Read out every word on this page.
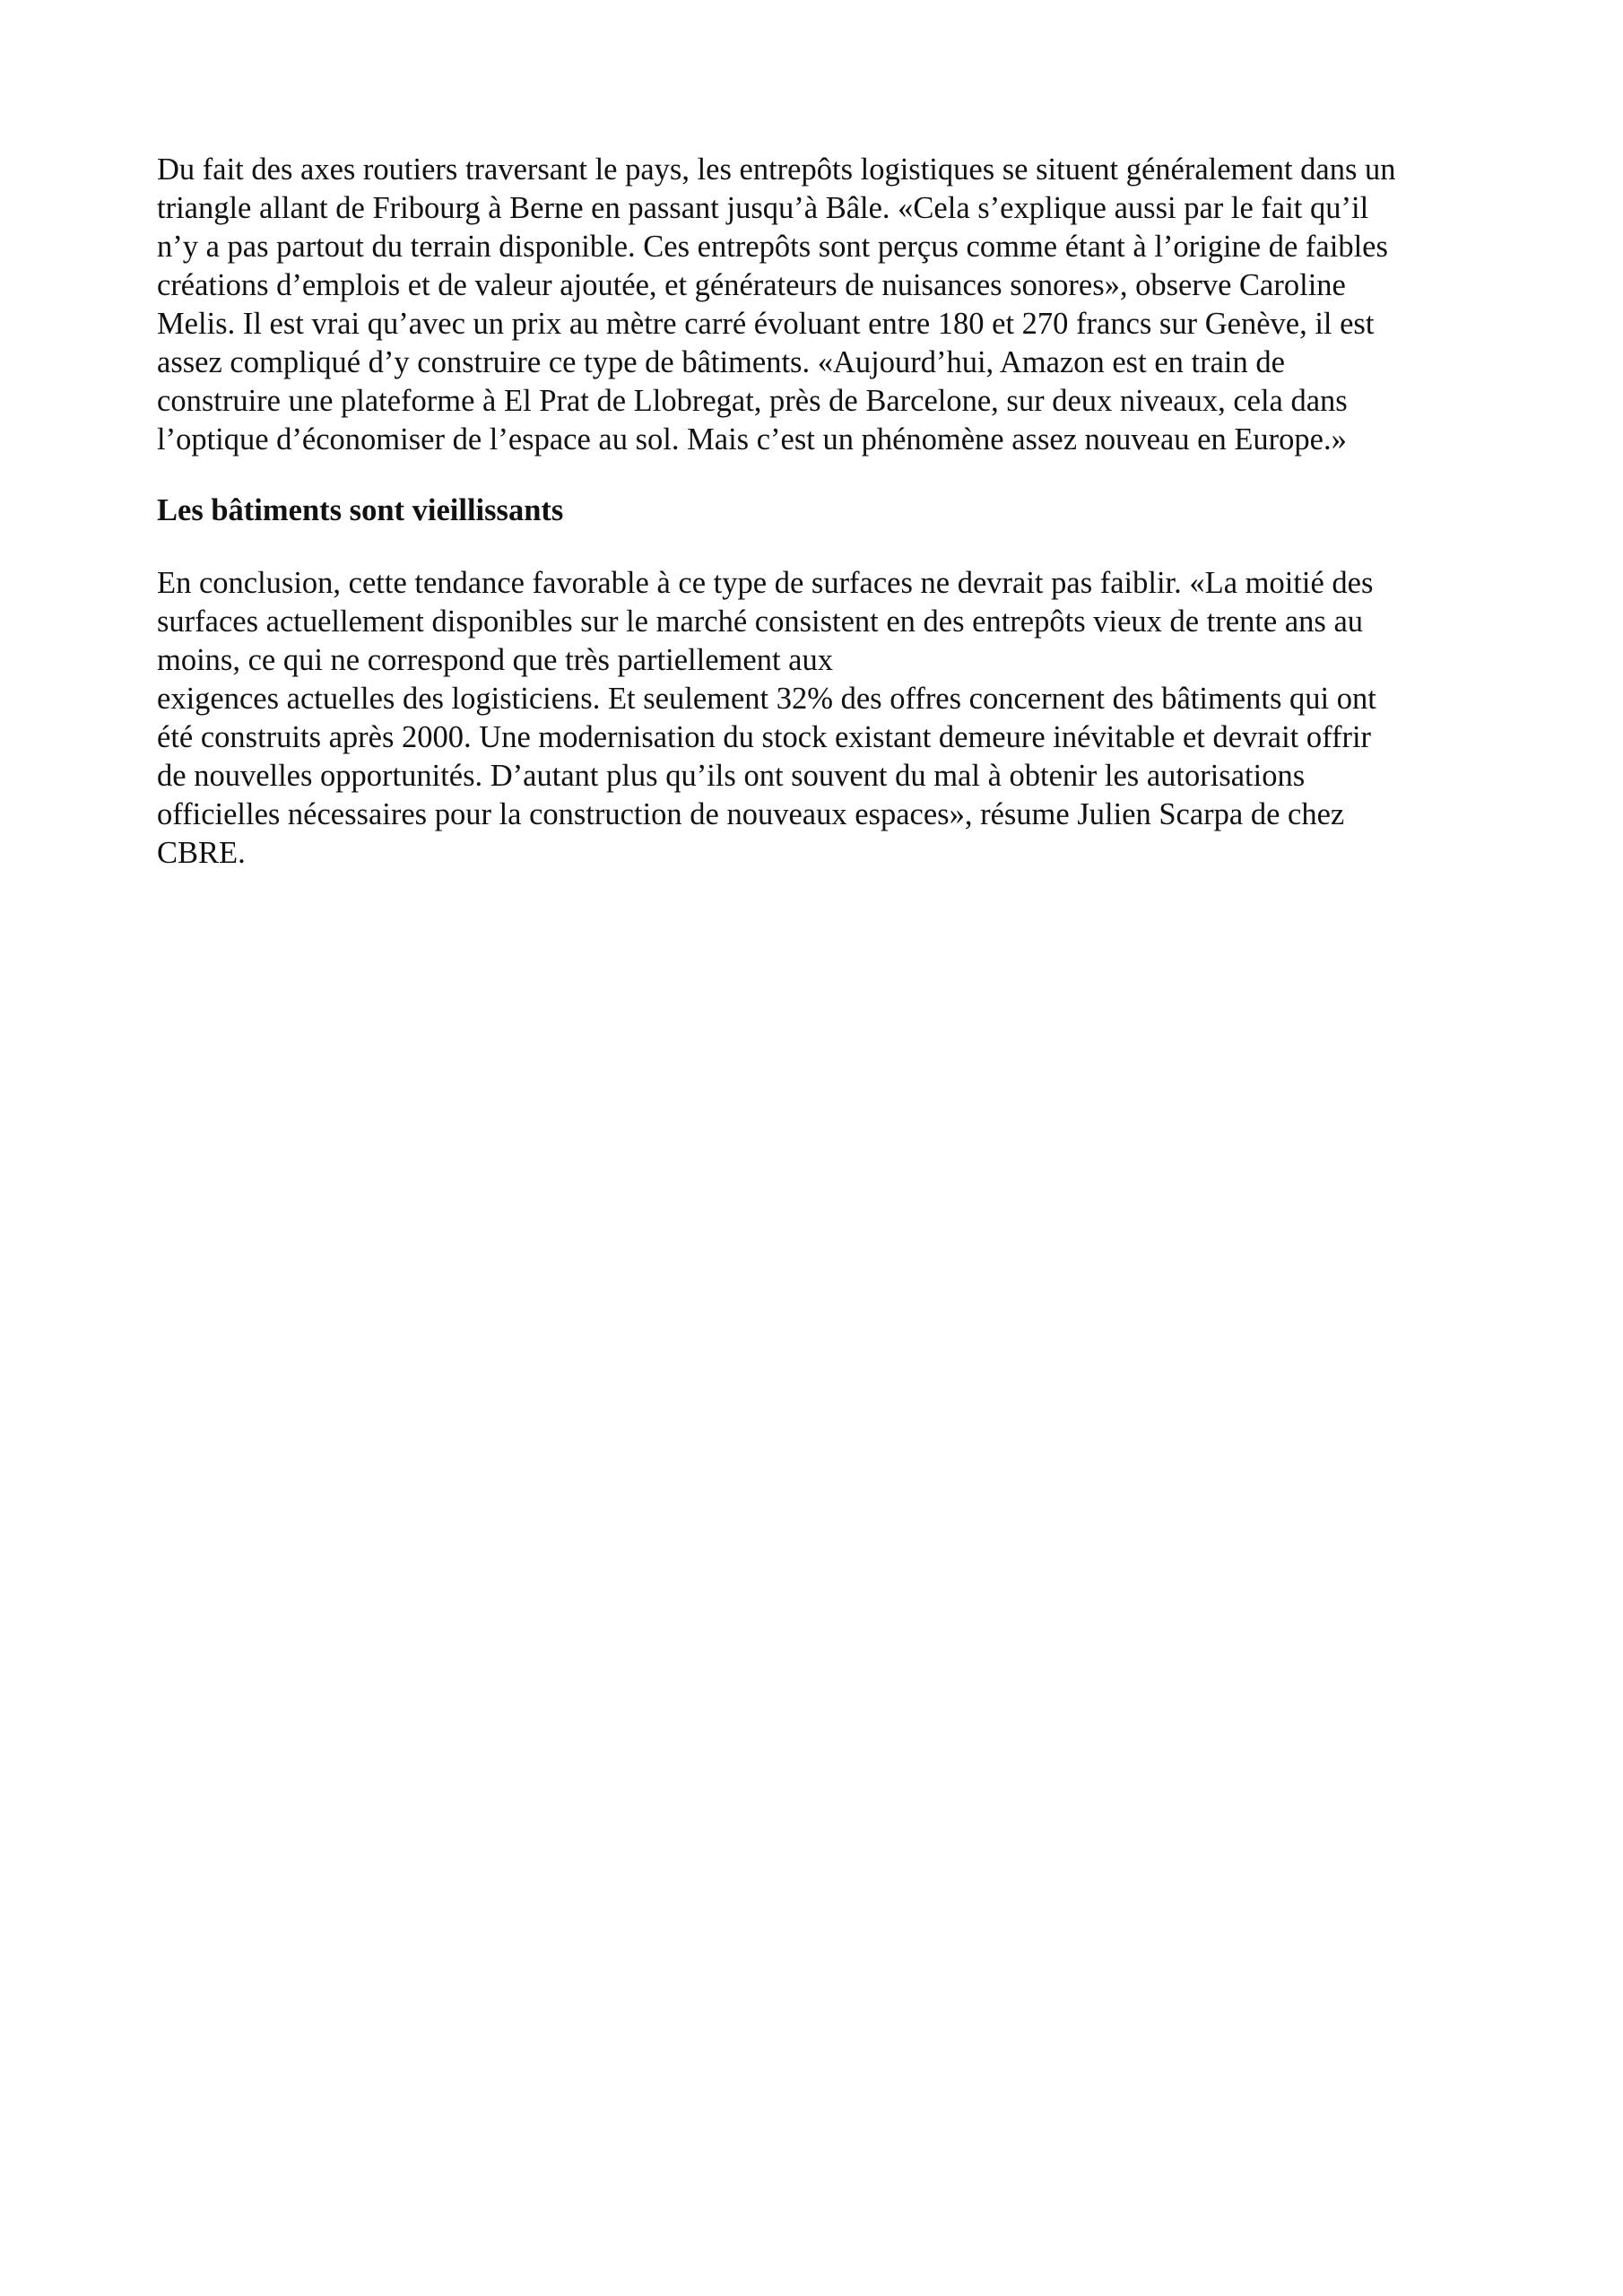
Du fait des axes routiers traversant le pays, les entrepôts logistiques se situent généralement dans un
triangle allant de Fribourg à Berne en passant jusqu’à Bâle. «Cela s’explique aussi par le fait qu’il
n’y a pas partout du terrain disponible. Ces entrepôts sont perçus comme étant à l’origine de faibles
créations d’emplois et de valeur ajoutée, et générateurs de nuisances sonores», observe Caroline
Melis. Il est vrai qu’avec un prix au mètre carré évoluant entre 180 et 270 francs sur Genève, il est
assez compliqué d’y construire ce type de bâtiments. «Aujourd’hui, Amazon est en train de
construire une plateforme à El Prat de Llobregat, près de Barcelone, sur deux niveaux, cela dans
l’optique d’économiser de l’espace au sol. Mais c’est un phénomène assez nouveau en Europe.»
Les bâtiments sont vieillissants
En conclusion, cette tendance favorable à ce type de surfaces ne devrait pas faiblir. «La moitié des
surfaces actuellement disponibles sur le marché consistent en des entrepôts vieux de trente ans au
moins, ce qui ne correspond que très partiellement aux
exigences actuelles des logisticiens. Et seulement 32% des offres concernent des bâtiments qui ont
été construits après 2000. Une modernisation du stock existant demeure inévitable et devrait offrir
de nouvelles opportunités. D’autant plus qu’ils ont souvent du mal à obtenir les autorisations
officielles nécessaires pour la construction de nouveaux espaces», résume Julien Scarpa de chez
CBRE.
